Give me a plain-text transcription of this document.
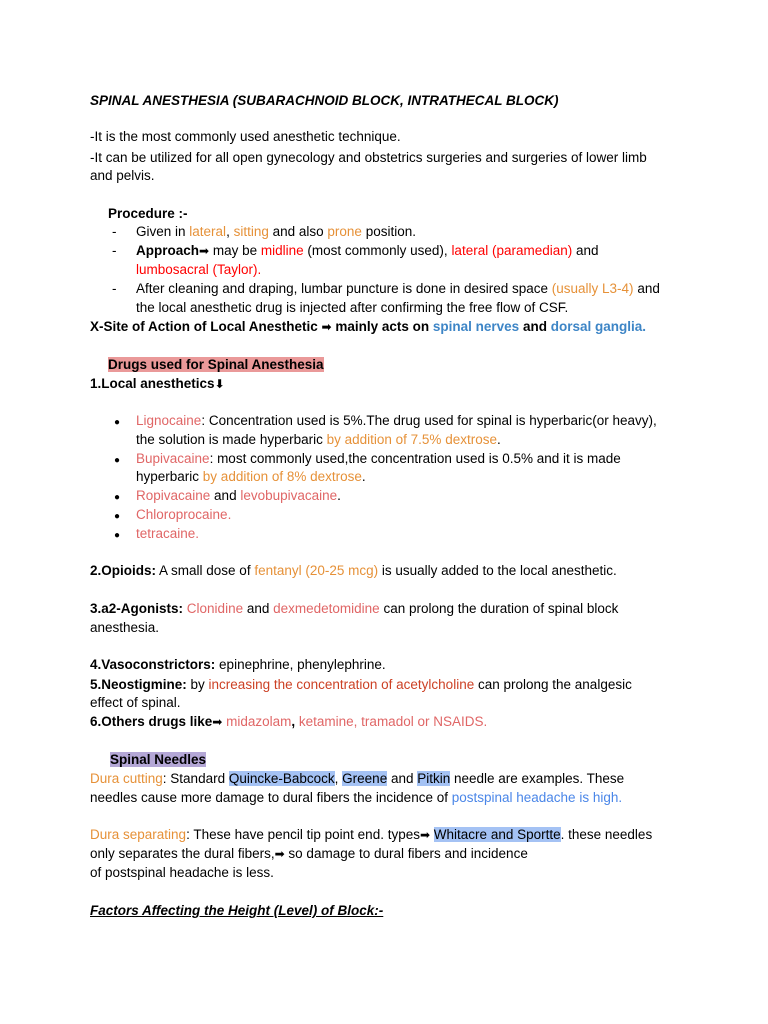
SPINAL ANESTHESIA (SUBARACHNOID BLOCK, INTRATHECAL BLOCK)
-It is the most commonly used anesthetic technique.
-It can be utilized for all open gynecology and obstetrics surgeries and surgeries of lower limb
and pelvis.
Procedure :-
- Given in lateral, sitting and also prone position.
- Approach➡ may be midline (most commonly used), lateral (paramedian) and
lumbosacral (Taylor).
- After cleaning and draping, lumbar puncture is done in desired space (usually L3-4) and
the local anesthetic drug is injected after confirming the free flow of CSF.
X-Site of Action of Local Anesthetic ➡ mainly acts on spinal nerves and dorsal ganglia.
Drugs used for Spinal Anesthesia
1.Local anesthetics⬇
● Lignocaine: Concentration used is 5%.The drug used for spinal is hyperbaric(or heavy),
the solution is made hyperbaric by addition of 7.5% dextrose.
● Bupivacaine: most commonly used,the concentration used is 0.5% and it is made
hyperbaric by addition of 8% dextrose.
● Ropivacaine and levobupivacaine.
● Chloroprocaine.
● tetracaine.
2.Opioids: A small dose of fentanyl (20-25 mcg) is usually added to the local anesthetic.
3.a2-Agonists: Clonidine and dexmedetomidine can prolong the duration of spinal block
anesthesia.
4.Vasoconstrictors: epinephrine, phenylephrine.
5.Neostigmine: by increasing the concentration of acetylcholine can prolong the analgesic
effect of spinal.
6.Others drugs like➡ midazolam, ketamine, tramadol or NSAIDS.
Spinal Needles
Dura cutting: Standard Quincke-Babcock, Greene and Pitkin needle are examples. These
needles cause more damage to dural fibers the incidence of postspinal headache is high.
Dura separating: These have pencil tip point end. types➡ Whitacre and Sportte. these needles
only separates the dural fibers,➡ so damage to dural fibers and incidence
of postspinal headache is less.
Factors Affecting the Height (Level) of Block:-
